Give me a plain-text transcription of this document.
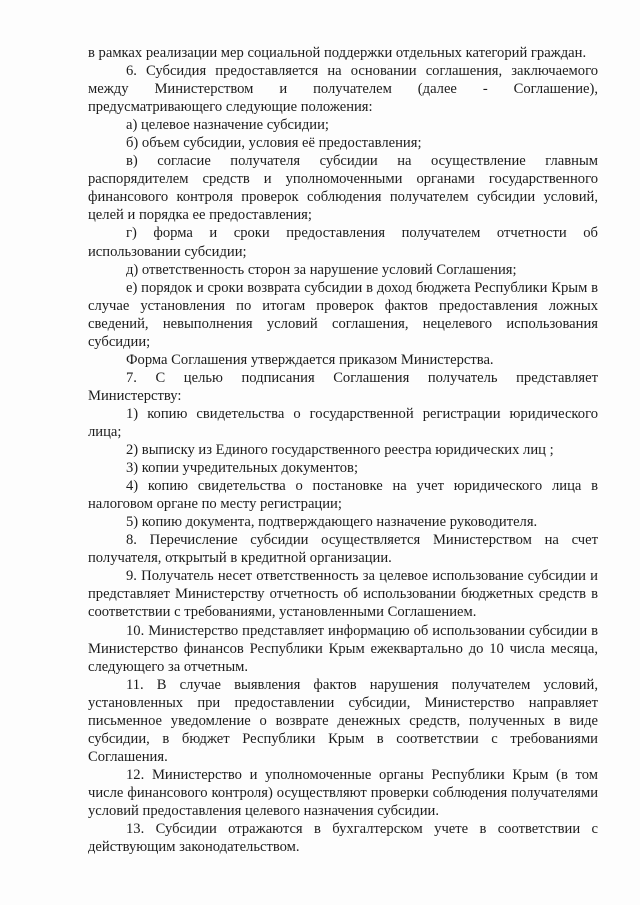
в рамках реализации мер социальной поддержки отдельных категорий граждан.

6. Субсидия предоставляется на основании соглашения, заключаемого между Министерством и получателем (далее - Соглашение), предусматривающего следующие положения:

а) целевое назначение субсидии;

б) объем субсидии, условия её предоставления;

в) согласие получателя субсидии на осуществление главным распорядителем средств и уполномоченными органами государственного финансового контроля проверок соблюдения получателем субсидии условий, целей и порядка ее предоставления;

г) форма и сроки предоставления получателем отчетности об использовании субсидии;

д) ответственность сторон за нарушение условий Соглашения;

е) порядок и сроки возврата субсидии в доход бюджета Республики Крым в случае установления по итогам проверок фактов предоставления ложных сведений, невыполнения условий соглашения, нецелевого использования субсидии;

Форма Соглашения утверждается приказом Министерства.

7. С целью подписания Соглашения получатель представляет Министерству:

1) копию свидетельства о государственной регистрации юридического лица;

2) выписку из Единого государственного реестра юридических лиц ;

3) копии учредительных документов;

4) копию свидетельства о постановке на учет юридического лица в налоговом органе по месту регистрации;

5) копию документа, подтверждающего назначение руководителя.

8. Перечисление субсидии осуществляется Министерством на счет получателя, открытый в кредитной организации.

9. Получатель несет ответственность за целевое использование субсидии и представляет Министерству отчетность об использовании бюджетных средств в соответствии с требованиями, установленными Соглашением.

10. Министерство представляет информацию об использовании субсидии в Министерство финансов Республики Крым ежеквартально до 10 числа месяца, следующего за отчетным.

11. В случае выявления фактов нарушения получателем условий, установленных при предоставлении субсидии, Министерство направляет письменное уведомление о возврате денежных средств, полученных в виде субсидии, в бюджет Республики Крым в соответствии с требованиями Соглашения.

12. Министерство и уполномоченные органы Республики Крым (в том числе финансового контроля) осуществляют проверки соблюдения получателями условий предоставления целевого назначения субсидии.

13. Субсидии отражаются в бухгалтерском учете в соответствии с действующим законодательством.
